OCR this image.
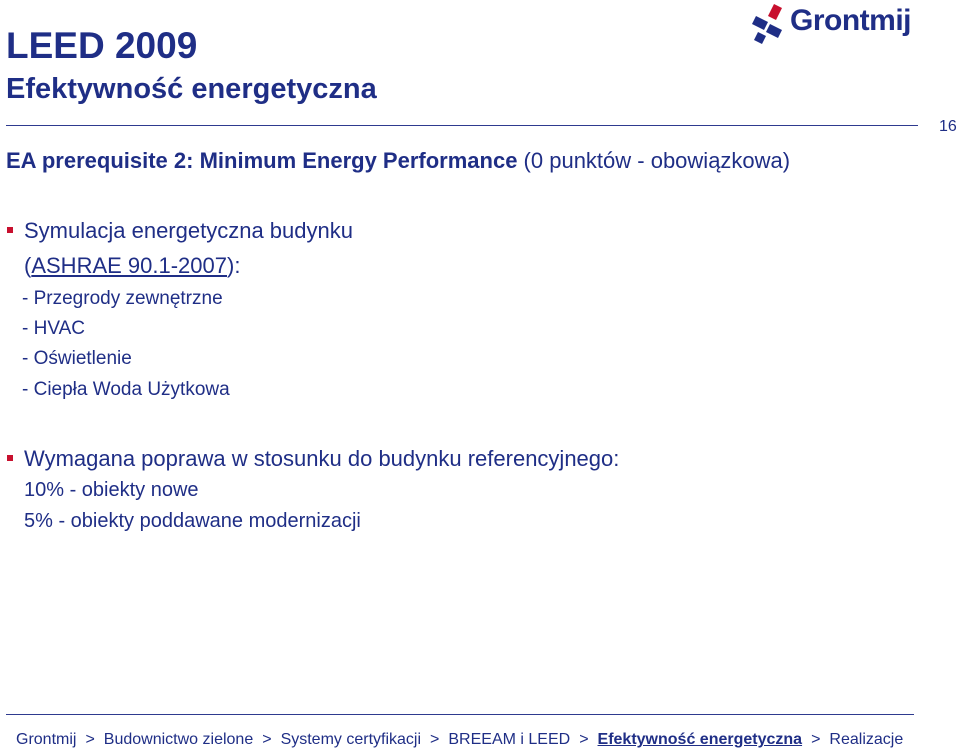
LEED 2009
Efektywność energetyczna
Grontmij
16
EA prerequisite 2: Minimum Energy Performance (0 punktów - obowiązkowa)
Symulacja energetyczna budynku
(ASHRAE 90.1-2007):
- Przegrody zewnętrzne
- HVAC
- Oświetlenie
- Ciepła Woda Użytkowa
Wymagana poprawa w stosunku do budynku referencyjnego:
10% - obiekty nowe
5% - obiekty poddawane modernizacji
Grontmij > Budownictwo zielone > Systemy certyfikacji > BREEAM i LEED > Efektywność energetyczna > Realizacje
